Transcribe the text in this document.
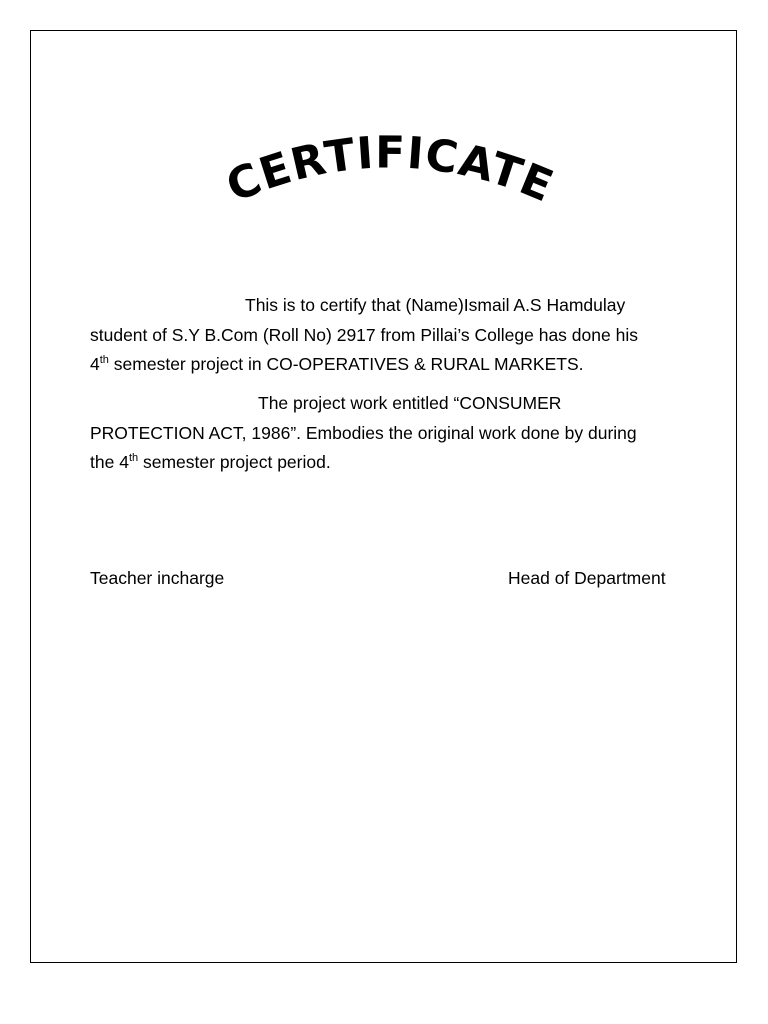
CERTIFICATE
This is to certify that (Name)Ismail A.S Hamdulay
student of S.Y B.Com (Roll No) 2917 from Pillai’s College has done his
4th semester project in CO-OPERATIVES & RURAL MARKETS.
The project work entitled “CONSUMER
PROTECTION ACT, 1986”. Embodies the original work done by during
the 4th semester project period.
Teacher incharge	Head of Department
